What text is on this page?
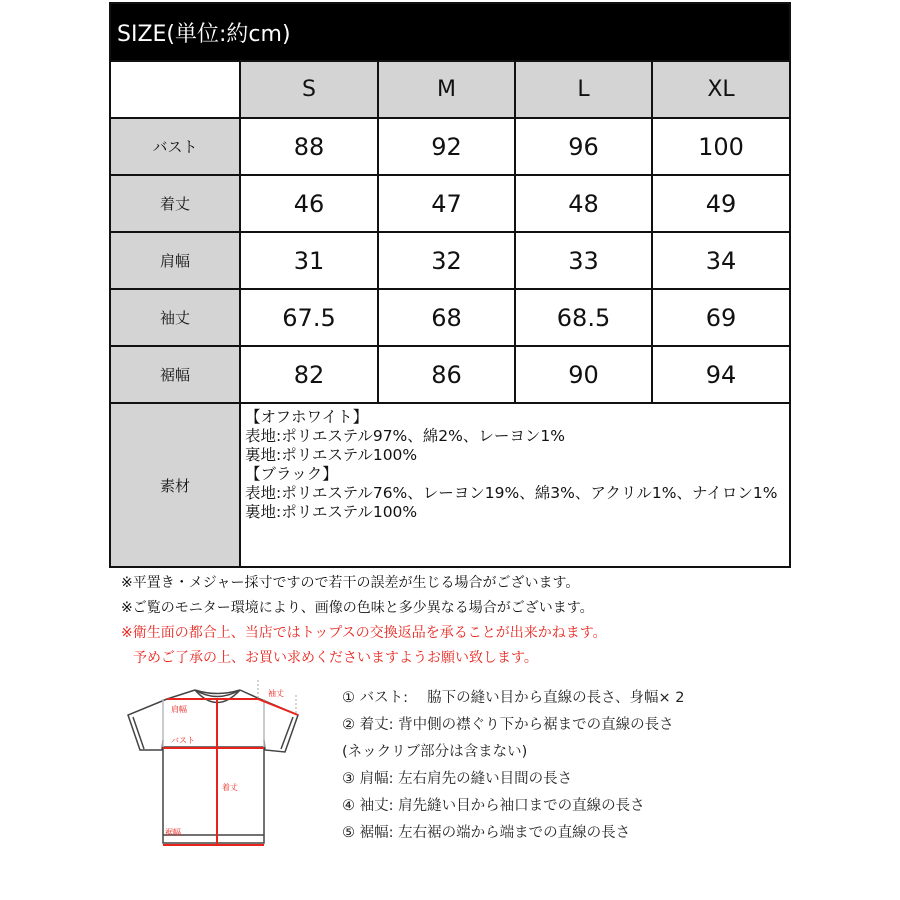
SIZE(単位:約cm)
S	M	L	XL
バスト	88	92	96	100
着丈	46	47	48	49
肩幅	31	32	33	34
袖丈	67.5	68	68.5	69
裾幅	82	86	90	94
素材
【オフホワイト】
表地:ポリエステル97%、綿2%、レーヨン1%
裏地:ポリエステル100%
【ブラック】
表地:ポリエステル76%、レーヨン19%、綿3%、アクリル1%、ナイロン1%
裏地:ポリエステル100%
※平置き・メジャー採寸ですので若干の誤差が生じる場合がございます。
※ご覧のモニター環境により、画像の色味と多少異なる場合がございます。
※衛生面の都合上、当店ではトップスの交換返品を承ることが出来かねます。
予めご了承の上、お買い求めくださいますようお願い致します。
肩幅
バスト
着丈
袖丈
裾幅
① バスト:　 脇下の縫い目から直線の長さ、身幅× 2
② 着丈: 背中側の襟ぐり下から裾までの直線の長さ
(ネックリブ部分は含まない)
③ 肩幅: 左右肩先の縫い目間の長さ
④ 袖丈: 肩先縫い目から袖口までの直線の長さ
⑤ 裾幅: 左右裾の端から端までの直線の長さ
